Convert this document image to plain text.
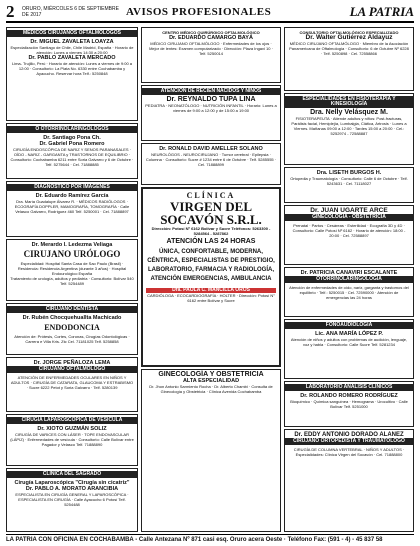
2	ORURO, MIÉRCOLES 6 DE SEPTIEMBRE DE 2017	AVISOS PROFESIONALES	LA PATRIA
MÉDICOS CIRUJANOS OFTALMÓLOGOS
Dr. MIGUEL ZAVALETA LOAYZA
Especialización Santiago de Chile, Chile Madrid, España · Horario de atención: Lunes a viernes 14:30 a 20:00
Dr. PABLO ZAVALETA MERCADO
Lima- Trujillo, Perú · Horario de atención: Lunes a viernes de 9:00 a 12:00 · Consultorio: La Plata No. 6330 entre Cochabamba y Ayacucho. Reservar hora Telf.: 5250848
O OTORRINOLARINGÓLOGOS
Dr. Santiago Pona Ch.
Dr. Gabriel Pona Romero
CIRUGÍA ENDOSCÓPICA DE NARIZ Y SENOS PARANASALES · OÍDO - NARIZ - GARGANTA y TRASTORNOS DE EQUILIBRIO · Consultorio: Cochabamba 6211 entre Soria Galvarro y 6 de Octubre · Telf. 5275644 · Cel. 71888885
DIAGNÓSTICO POR IMÁGENES
Dr. Eduardo Ramírez García
Dra. María Guadalupe Álvarez R. · MÉDICOS RADIÓLOGOS · ECOGRAFÍA DOPPLER, MAMOGRAFÍA, TOMOGRAFÍA · Calle Velasco Galvarro, Rodríguez 460 Telf. 5250001 · Cel. 71888897
Dr. Merardo I. Ledezma Veliaga
CIRUJANO URÓLOGO
Especialidad: Hospital Santa Casa de Sao Paulo (Brasil) · Residencia: Residencia Argentina (durante 3 años) · Hospital Endourológico España
Tratamiento de urología, adultos y pediatría · Consultorio: Bolívar 540 Telf. 5254489
CIRUJANO DENTISTA
Dr. Rubén Chocquehuallta Machicado
ENDODONCIA
Atención de: Prótesis, Cortes, Coronas, Cirugías Odontológicas · Carrera e Villa Kris. Ztc Cel. 71181025 Telf. 5258858
Dr. JORGE PEÑALOZA LEMA
CIRUJANO OFTALMÓLOGO
ATENCIÓN DE ENFERMEDADES OCULARES EN NIÑOS Y ADULTOS · CIRUGÍA DE CATARATA, GLAUCOMA Y ESTRABISMO · Sucre 6222 Petot y Soria Galvarro · Telf. 5280139
CIRUGÍA LAPAROSCÓPICA DE VESÍCULA
Dr. XIOTO GUZMÁN SOLIZ
CIRUGÍA DE VARICES CON LÁSER · TOPE ENDOVASCULAR (LÁPIZ) · Enfermedades de vesícula · Consultorio: Calle Bolívar entre Pagador y Velasco Telf. 71888890
CLÍNICA DEL SAGRADO
Cirugía Laparoscópica "Cirugía sin cicatriz"
Dr. PABLO A. MORATO ARANCIBIA
ESPECIALISTA EN CIRUGÍA GENERAL Y LAPAROSCÓPICA · ESPECIALISTA EN CIRUGÍA · Calle Ayacucho 6 Potosí Telf. 5254488
CENTRO MÉDICO QUIRÚRGICO OFTALMOLÓGICO
Dr. EDUARDO CAMARGO BAYÁ
MÉDICO CIRUJANO OFTALMÓLOGO · Enfermedades de los ojos · Mejor de lentes: Examen computarizado · Dirección: Plaza Ingavi 10 · Telf. 5250014
ATENCIÓN DE RECIÉN NACIDOS Y NIÑOS
Dr. REYNALDO TUPA LINA
PEDIATRA · NEONATÓLOGO · NUTRICIÓN INFANTIL · Horario: Lunes a viernes de 9:00 a 12:00 y de 15:00 a 19:00
Dr. RONALD DAVID AMELLER SOLANO
NEUROLÓGOS - NEUROCIRUJANO · Tumor cerebral · Epilepsia · Columna · Consultorio: Sucre # 1234 entre 6 de Octubre · Telf. 5285555 · Cel. 71888899
CLÍNICA
VIRGEN DEL SOCAVÓN S.R.L.
Dirección: Potosí Nº 6162 Bolívar y Sucre Teléfonos: 5263300 - 5284564 - 5287862
ATENCIÓN LAS 24 HORAS
ÚNICA, CONFORTABLE, MODERNA, CÉNTRICA, ESPECIALISTAS DE PRESTIGIO, LABORATORIO, FARMACIA Y RADIOLOGÍA, ATENCIÓN EMERGENCIAS, AMBULANCIA
Dra. PAOLA C. MANCILLA OROS
CARDIÓLOGA · ECOCARDIOGRAFÍA · HOLTER · Dirección: Potosí N° 6162 entre Bolívar y Sucre
GINECOLOGÍA Y OBSTETRICIA
ALTA ESPECIALIDAD
Dr. Jhon Antonio Sarmiento Rocha · Dr. Alberto Chambi · Consulta de Ginecología y Obstetricia · Clínica Avenida Cochabamba
CONSULTORIO OFTALMOLÓGICO ESPECIALIZADO
Dr. Walter Gutiérrez Aldayuz
MÉDICO CIRUJANO OFTALMÓLOGO · Miembro de la Asociación Panamericana de Oftalmología · Consultorio: 6 de Octubre Nº 6228 · Telf. 5250898 · Cel. 72558866
ESPECIALIDADES EN FISIOTERAPIA Y KINESIOLOGÍA
Dra. Nelly Velásquez M.
FISIOTERAPEUTA · Atiende adultos y niños: Post-fracturas, Parálisis facial, Hemiplejía, Lumbalgia, Ciática, Artrosis · Lunes a Viernes. Mañanas 09:00 a 12:00 · Tardes 15:00 a 20:00 · Cel.: 5252974 - 72588887
Dra. LISETH BURGOS H.
Ortopedia y Traumatología · Consultorio: Calle 6 de Octubre · Telf. 5243631 · Cel. 71118027
Dr. JUAN UGARTE ARCE
GINECOLOGÍA - OBSTETRICIA
Prenatal · Partos · Cesáreas · Esterilidad · Ecografía 3D y 4D · Consultorio: Calle Potosí Nº 6162 · Horario de atención: 18:00 - 20:00 · Cel. 72588897
Dr. PATRICIA CANAVIRI ESCALANTE
OTORRINOLARINGOLOGÍA
Atención de enfermedades de oído, nariz, garganta y trastornos del equilibrio · Telf.: 5250015 · Cel. 72590000 · Atención de emergencias las 24 horas
FONOAUDIOLOGÍA
Lic. ANA MARÍA LÓPEZ P.
Atención de niños y adultos con problemas de audición, lenguaje, voz y habla · Consultorio: Calle Sucre Telf. 5281234
LABORATORIO ANÁLISIS CLÍNICOS
Dr. ROLANDO ROMERO RODRÍGUEZ
Bioquímico · Química sanguínea · Hemograma · Urocultivo · Calle Bolívar Telf. 5251000
Dr. EDDY ANTONIO DORADO ALANEZ
CIRUJANO ORTOPEDISTA Y TRAUMATÓLOGO
CIRUGÍA DE COLUMNA VERTEBRAL · NIÑOS Y ADULTOS · Especialidades: Clínica Virgen del Socavón · Cel. 71888800
LA PATRIA CON OFICINA EN COCHABAMBA - Calle Antezana Nº 871 casi esq. Oruro acera Oeste · Teléfono Fax: (591 - 4) - 45 837 58
